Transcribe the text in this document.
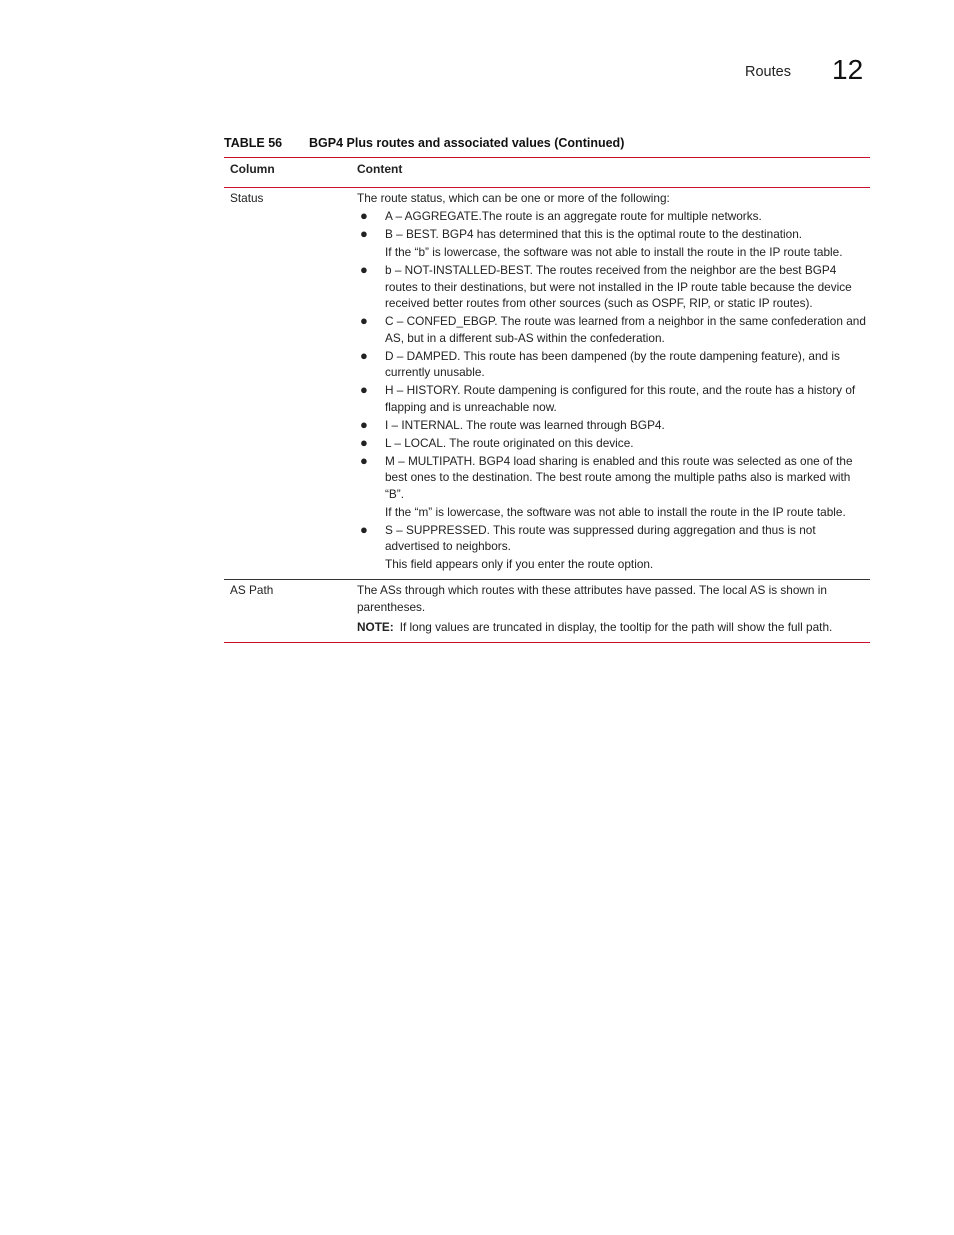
Routes 12
TABLE 56 BGP4 Plus routes and associated values (Continued)
Column	Content
Status	The route status, which can be one or more of the following:
● A – AGGREGATE.The route is an aggregate route for multiple networks.
● B – BEST. BGP4 has determined that this is the optimal route to the destination.
If the “b” is lowercase, the software was not able to install the route in the IP route table.
● b – NOT-INSTALLED-BEST. The routes received from the neighbor are the best BGP4 routes to their destinations, but were not installed in the IP route table because the device received better routes from other sources (such as OSPF, RIP, or static IP routes).
● C – CONFED_EBGP. The route was learned from a neighbor in the same confederation and AS, but in a different sub-AS within the confederation.
● D – DAMPED. This route has been dampened (by the route dampening feature), and is currently unusable.
● H – HISTORY. Route dampening is configured for this route, and the route has a history of flapping and is unreachable now.
● I – INTERNAL. The route was learned through BGP4.
● L – LOCAL. The route originated on this device.
● M – MULTIPATH. BGP4 load sharing is enabled and this route was selected as one of the best ones to the destination. The best route among the multiple paths also is marked with “B”.
If the “m” is lowercase, the software was not able to install the route in the IP route table.
● S – SUPPRESSED. This route was suppressed during aggregation and thus is not advertised to neighbors.
This field appears only if you enter the route option.
AS Path	The ASs through which routes with these attributes have passed. The local AS is shown in parentheses.
NOTE: If long values are truncated in display, the tooltip for the path will show the full path.
